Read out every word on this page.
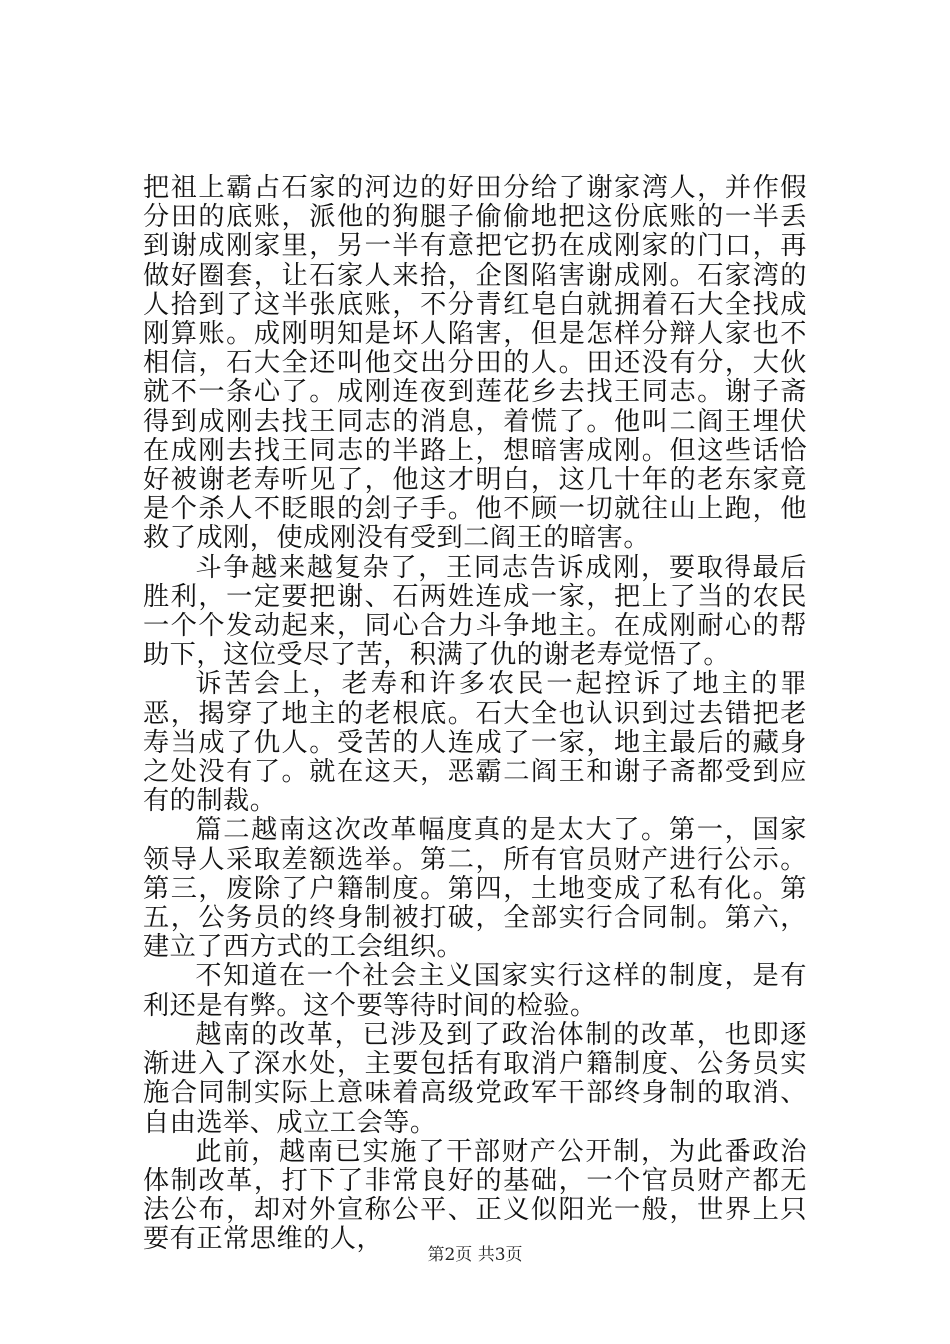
把祖上霸占石家的河边的好田分给了谢家湾人，并作假分田的底账，派他的狗腿子偷偷地把这份底账的一半丢到谢成刚家里，另一半有意把它扔在成刚家的门口，再做好圈套，让石家人来拾，企图陷害谢成刚。石家湾的人拾到了这半张底账，不分青红皂白就拥着石大全找成刚算账。成刚明知是坏人陷害，但是怎样分辩人家也不相信，石大全还叫他交出分田的人。田还没有分，大伙就不一条心了。成刚连夜到莲花乡去找王同志。谢子斋得到成刚去找王同志的消息，着慌了。他叫二阎王埋伏在成刚去找王同志的半路上，想暗害成刚。但这些话恰好被谢老寿听见了，他这才明白，这几十年的老东家竟是个杀人不眨眼的刽子手。他不顾一切就往山上跑，他救了成刚，使成刚没有受到二阎王的暗害。

斗争越来越复杂了，王同志告诉成刚，要取得最后胜利，一定要把谢、石两姓连成一家，把上了当的农民一个个发动起来，同心合力斗争地主。在成刚耐心的帮助下，这位受尽了苦，积满了仇的谢老寿觉悟了。

诉苦会上，老寿和许多农民一起控诉了地主的罪恶，揭穿了地主的老根底。石大全也认识到过去错把老寿当成了仇人。受苦的人连成了一家，地主最后的藏身之处没有了。就在这天，恶霸二阎王和谢子斋都受到应有的制裁。

篇二越南这次改革幅度真的是太大了。第一，国家领导人采取差额选举。第二，所有官员财产进行公示。第三，废除了户籍制度。第四，土地变成了私有化。第五，公务员的终身制被打破，全部实行合同制。第六，建立了西方式的工会组织。

不知道在一个社会主义国家实行这样的制度，是有利还是有弊。这个要等待时间的检验。

越南的改革，已涉及到了政治体制的改革，也即逐渐进入了深水处，主要包括有取消户籍制度、公务员实施合同制实际上意味着高级党政军干部终身制的取消、自由选举、成立工会等。

此前，越南已实施了干部财产公开制，为此番政治体制改革，打下了非常良好的基础，一个官员财产都无法公布，却对外宣称公平、正义似阳光一般，世界上只要有正常思维的人，

第2页 共3页
